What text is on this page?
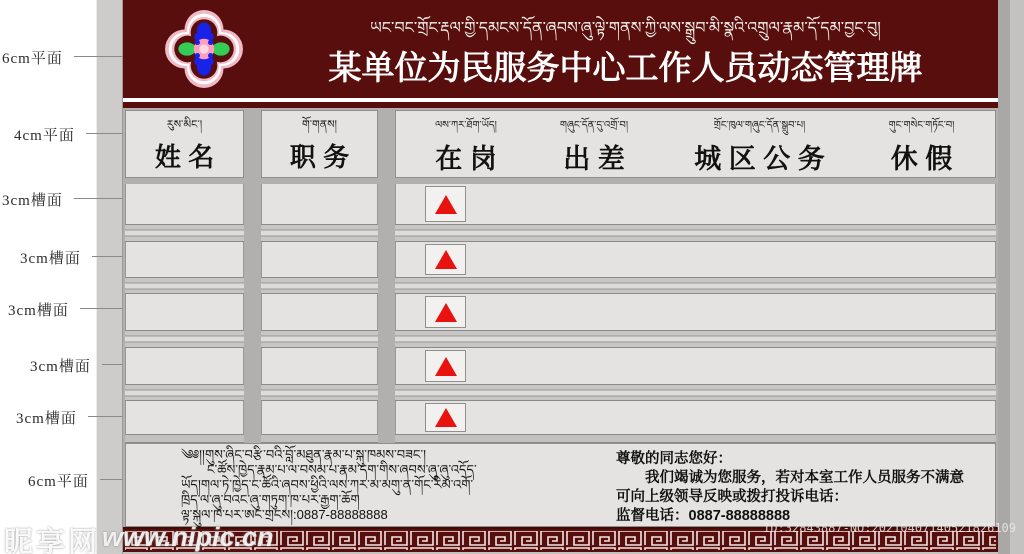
6cm平面
4cm平面
3cm槽面
3cm槽面
3cm槽面
3cm槽面
3cm槽面
6cm平面
ཡང་བང་གྲོང་རྡལ་གྱི་དམངས་དོན་ཞབས་ཞུ་ལྟེ་གནས་ཀྱི་ལས་སྒྲུབ་མི་སྣའི་འགྲུལ་རྣམ་དོ་དམ་བྱང་བུ།
某单位为民服务中心工作人员动态管理牌
རུས་མིང་།
姓 名
གོ་གནས།
职 务
ལས་ཀར་ཐོག་ཡོད།
在 岗
གཞུང་དོན་དུ་འགྲོ་བ།
出 差
གྲོང་ཁུལ་གཞུང་དོན་སྒྲུབ་པ།
城 区 公 务
གུང་གསེང་གཏོང་བ།
休 假
༄༅།།གུས་ཞིང་བརྩི་བའི་བློ་མཐུན་རྣམ་པ་སྐུ་ཁམས་བཟང་།
ང་ཚོས་ཁྱེད་རྣམ་པ་ལ་བསམ་པ་རྣམ་དག་གིས་ཞབས་ཞུ་ཞུ་འདོད་
ཡོད།གལ་ཏེ་ཁྱེད་ང་ཚོའི་ཞབས་ཕྱིའི་ལས་ཀར་མ་མགུ་ན་གོང་རིམ་འགོ་
ཁྲིད་ལ་ཞུ་བའང་ཞུ་གཏུག་ཁ་པར་རྒྱག་ཆོག
ལྟ་སྐུལ་ཁ་པར་ཨང་གྲངས།:0887-88888888
尊敬的同志您好：
我们竭诚为您服务，若对本室工作人员服务不满意
可向上级领导反映或拨打投诉电话：
监督电话：0887-88888888
昵享网 www.nipic.cn	ID:32843887-NO:20210407140521826109
